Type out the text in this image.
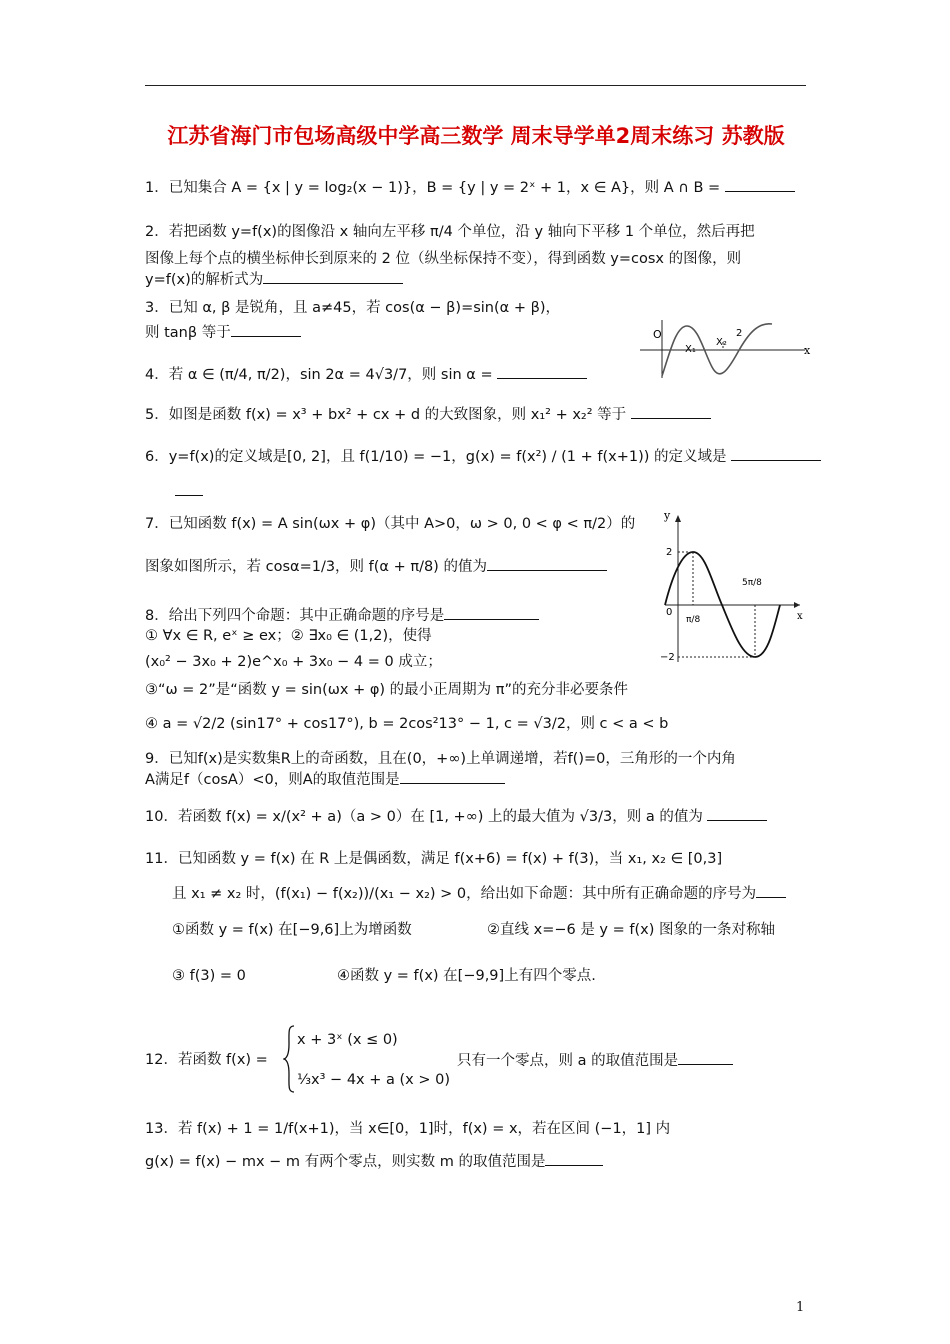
江苏省海门市包场高级中学高三数学 周末导学单2周末练习 苏教版
1．已知集合 A = {x | y = log₂(x − 1)}，B = {y | y = 2ˣ + 1，x ∈ A}，则 A ∩ B =
2．若把函数 y=f(x)的图像沿 x 轴向左平移 π/4 个单位，沿 y 轴向下平移 1 个单位，然后再把
图像上每个点的横坐标伸长到原来的 2 位（纵坐标保持不变），得到函数 y=cosx 的图像，则
y=f(x)的解析式为
3．已知 α, β 是锐角，且 a≠45，若 cos(α − β)=sin(α + β)，
则 tanβ 等于
4．若 α ∈ (π/4, π/2)，sin 2α = 4√3/7，则 sin α =
O
X₁
X₂
2
x
5．如图是函数 f(x) = x³ + bx² + cx + d 的大致图象，则 x₁² + x₂² 等于
6．y=f(x)的定义域是[0, 2]，且 f(1/10) = −1，g(x) = f(x²) / (1 + f(x+1)) 的定义域是
y
2
−2
0
π/8
5π/8
x
7．已知函数 f(x) = A sin(ωx + φ)（其中 A>0，ω > 0, 0 < φ < π/2）的
图象如图所示，若 cosα=1/3，则 f(α + π/8) 的值为
8．给出下列四个命题：其中正确命题的序号是
① ∀x ∈ R, eˣ ≥ ex；② ∃x₀ ∈ (1,2)，使得
(x₀² − 3x₀ + 2)e^x₀ + 3x₀ − 4 = 0 成立；
③“ω = 2”是“函数 y = sin(ωx + φ) 的最小正周期为 π”的充分非必要条件
④ a = √2/2 (sin17° + cos17°), b = 2cos²13° − 1, c = √3/2，则 c < a < b
9．已知f(x)是实数集R上的奇函数，且在(0，+∞)上单调递增，若f()=0，三角形的一个内角
A满足f（cosA）<0，则A的取值范围是
10．若函数 f(x) = x/(x² + a)（a > 0）在 [1, +∞) 上的最大值为 √3/3，则 a 的值为
11．已知函数 y = f(x) 在 R 上是偶函数，满足 f(x+6) = f(x) + f(3)，当 x₁, x₂ ∈ [0,3]
且 x₁ ≠ x₂ 时，(f(x₁) − f(x₂))/(x₁ − x₂) > 0，给出如下命题：其中所有正确命题的序号为
①函数 y = f(x) 在[−9,6]上为增函数	②直线 x=−6 是 y = f(x) 图象的一条对称轴
③ f(3) = 0	④函数 y = f(x) 在[−9,9]上有四个零点.
12．若函数 f(x) =
x + 3ˣ (x ≤ 0)
⅓x³ − 4x + a (x > 0)
只有一个零点，则 a 的取值范围是
13．若 f(x) + 1 = 1/f(x+1)，当 x∈[0，1]时，f(x) = x，若在区间 (−1，1] 内
g(x) = f(x) − mx − m 有两个零点，则实数 m 的取值范围是
1
